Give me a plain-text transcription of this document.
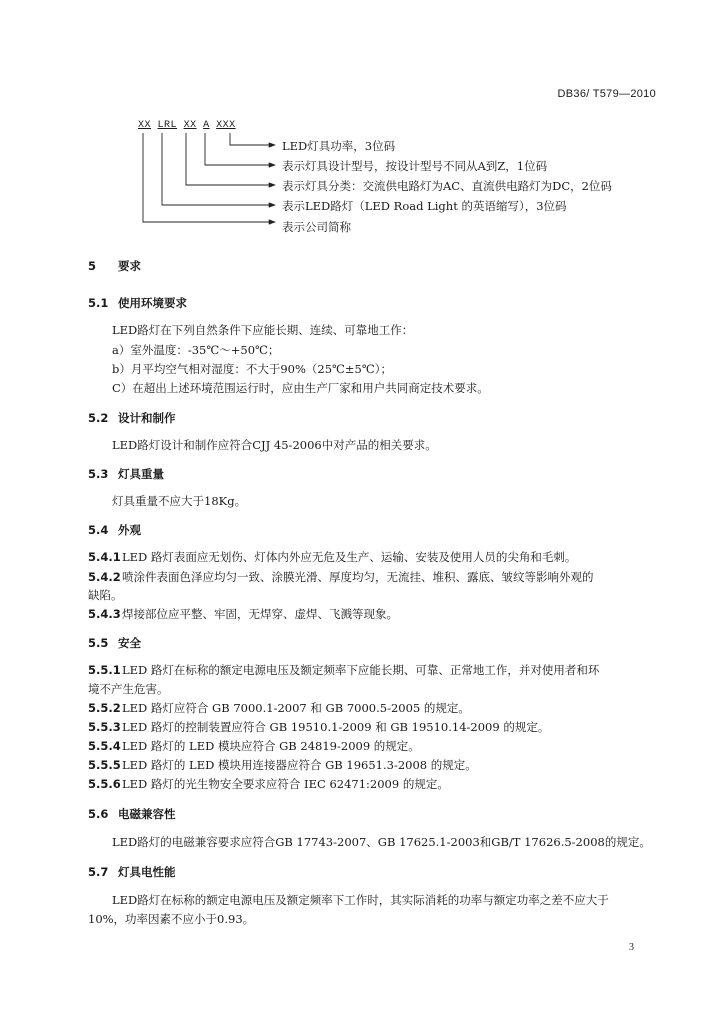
DB36/ T579—2010
XX LRL XX A XXX
LED灯具功率，3位码
表示灯具设计型号，按设计型号不同从A到Z，1位码
表示灯具分类：交流供电路灯为AC、直流供电路灯为DC，2位码
表示LED路灯（LED Road Light 的英语缩写），3位码
表示公司简称
5 要求
5.1 使用环境要求
LED路灯在下列自然条件下应能长期、连续、可靠地工作：
a）室外温度：-35℃～+50℃；
b）月平均空气相对湿度：不大于90%（25℃±5℃）；
C）在超出上述环境范围运行时，应由生产厂家和用户共同商定技术要求。
5.2 设计和制作
LED路灯设计和制作应符合CJJ 45-2006中对产品的相关要求。
5.3 灯具重量
灯具重量不应大于18Kg。
5.4 外观
5.4.1LED 路灯表面应无划伤、灯体内外应无危及生产、运输、安装及使用人员的尖角和毛刺。
5.4.2喷涂件表面色泽应均匀一致、涂膜光滑、厚度均匀，无流挂、堆积、露底、皱纹等影响外观的
缺陷。
5.4.3焊接部位应平整、牢固，无焊穿、虚焊、飞溅等现象。
5.5 安全
5.5.1LED 路灯在标称的额定电源电压及额定频率下应能长期、可靠、正常地工作，并对使用者和环
境不产生危害。
5.5.2LED 路灯应符合 GB 7000.1-2007 和 GB 7000.5-2005 的规定。
5.5.3LED 路灯的控制装置应符合 GB 19510.1-2009 和 GB 19510.14-2009 的规定。
5.5.4LED 路灯的 LED 模块应符合 GB 24819-2009 的规定。
5.5.5LED 路灯的 LED 模块用连接器应符合 GB 19651.3-2008 的规定。
5.5.6LED 路灯的光生物安全要求应符合 IEC 62471:2009 的规定。
5.6 电磁兼容性
LED路灯的电磁兼容要求应符合GB 17743-2007、GB 17625.1-2003和GB/T 17626.5-2008的规定。
5.7 灯具电性能
LED路灯在标称的额定电源电压及额定频率下工作时，其实际消耗的功率与额定功率之差不应大于
10%，功率因素不应小于0.93。
3
